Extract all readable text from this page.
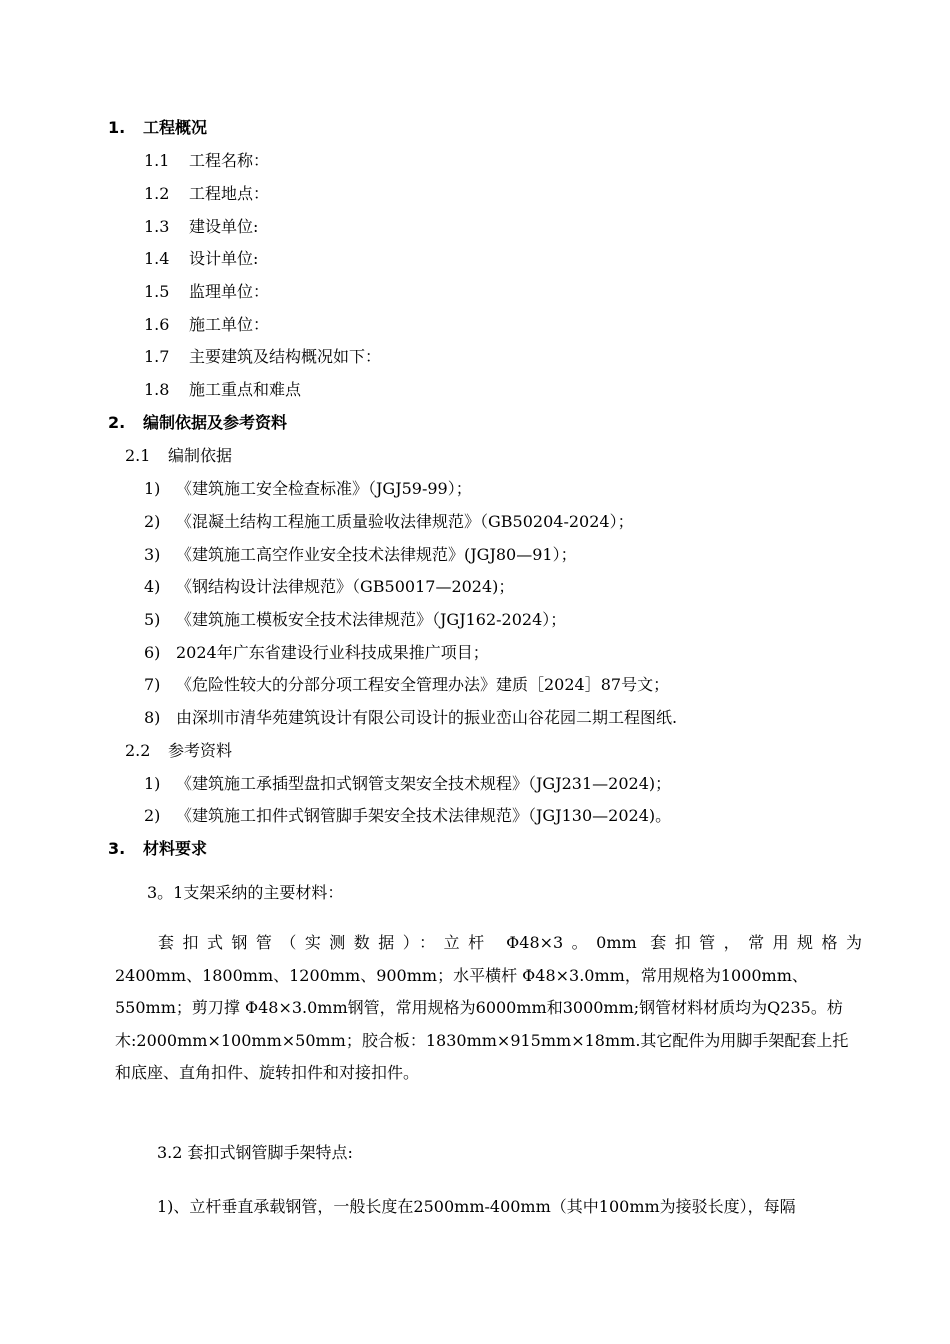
1. 工程概况
1.1 工程名称：
1.2 工程地点：
1.3 建设单位:
1.4 设计单位:
1.5 监理单位：
1.6 施工单位：
1.7 主要建筑及结构概况如下：
1.8 施工重点和难点
2. 编制依据及参考资料
2.1 编制依据
1) 《建筑施工安全检查标准》（JGJ59-99）；
2) 《混凝土结构工程施工质量验收法律规范》（GB50204-2024）；
3) 《建筑施工高空作业安全技术法律规范》(JGJ80—91）；
4) 《钢结构设计法律规范》（GB50017—2024)；
5) 《建筑施工模板安全技术法律规范》（JGJ162-2024）；
6) 2024年广东省建设行业科技成果推广项目；
7) 《危险性较大的分部分项工程安全管理办法》建质［2024］87号文；
8) 由深圳市清华苑建筑设计有限公司设计的振业峦山谷花园二期工程图纸.
2.2 参考资料
1) 《建筑施工承插型盘扣式钢管支架安全技术规程》（JGJ231—2024)；
2) 《建筑施工扣件式钢管脚手架安全技术法律规范》（JGJ130—2024)。
3. 材料要求
3。1支架采纳的主要材料：
套扣式钢管（实测数据）：立杆 Φ48×3。0mm 套扣管，常用规格为
2400mm、1800mm、1200mm、900mm；水平横杆 Φ48×3.0mm，常用规格为1000mm、550mm；剪刀撑 Φ48×3.0mm钢管，常用规格为6000mm和3000mm;钢管材料材质均为Q235。枋木:2000mm×100mm×50mm；胶合板：1830mm×915mm×18mm.其它配件为用脚手架配套上托和底座、直角扣件、旋转扣件和对接扣件。
3.2 套扣式钢管脚手架特点:
1)、立杆垂直承载钢管，一般长度在2500mm-400mm（其中100mm为接驳长度），每隔
